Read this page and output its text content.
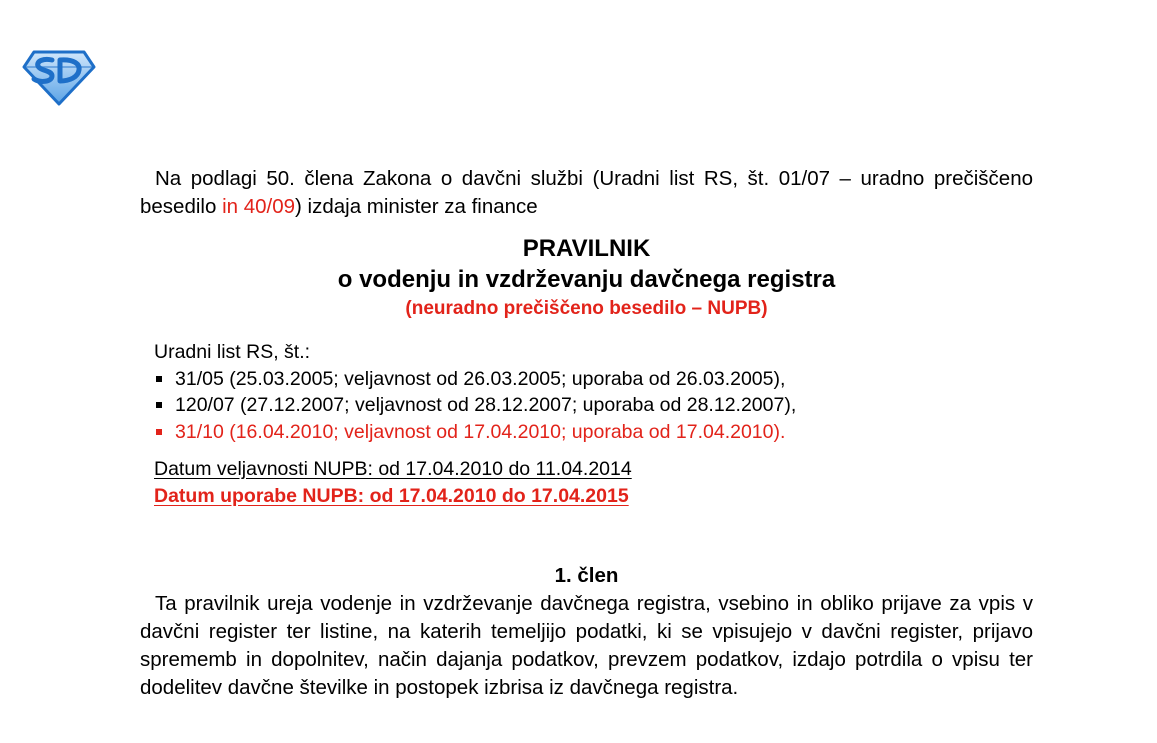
Na podlagi 50. člena Zakona o davčni službi (Uradni list RS, št. 01/07 – uradno prečiščeno besedilo in 40/09) izdaja minister za finance

PRAVILNIK
o vodenju in vzdrževanju davčnega registra
(neuradno prečiščeno besedilo – NUPB)
Uradni list RS, št.:
31/05 (25.03.2005; veljavnost od 26.03.2005; uporaba od 26.03.2005),
120/07 (27.12.2007; veljavnost od 28.12.2007; uporaba od 28.12.2007),
31/10 (16.04.2010; veljavnost od 17.04.2010; uporaba od 17.04.2010).
Datum veljavnosti NUPB: od 17.04.2010 do 11.04.2014
Datum uporabe NUPB: od 17.04.2010 do 17.04.2015
1. člen

Ta pravilnik ureja vodenje in vzdrževanje davčnega registra, vsebino in obliko prijave za vpis v davčni register ter listine, na katerih temeljijo podatki, ki se vpisujejo v davčni register, prijavo sprememb in dopolnitev, način dajanja podatkov, prevzem podatkov, izdajo potrdila o vpisu ter dodelitev davčne številke in postopek izbrisa iz davčnega registra.
